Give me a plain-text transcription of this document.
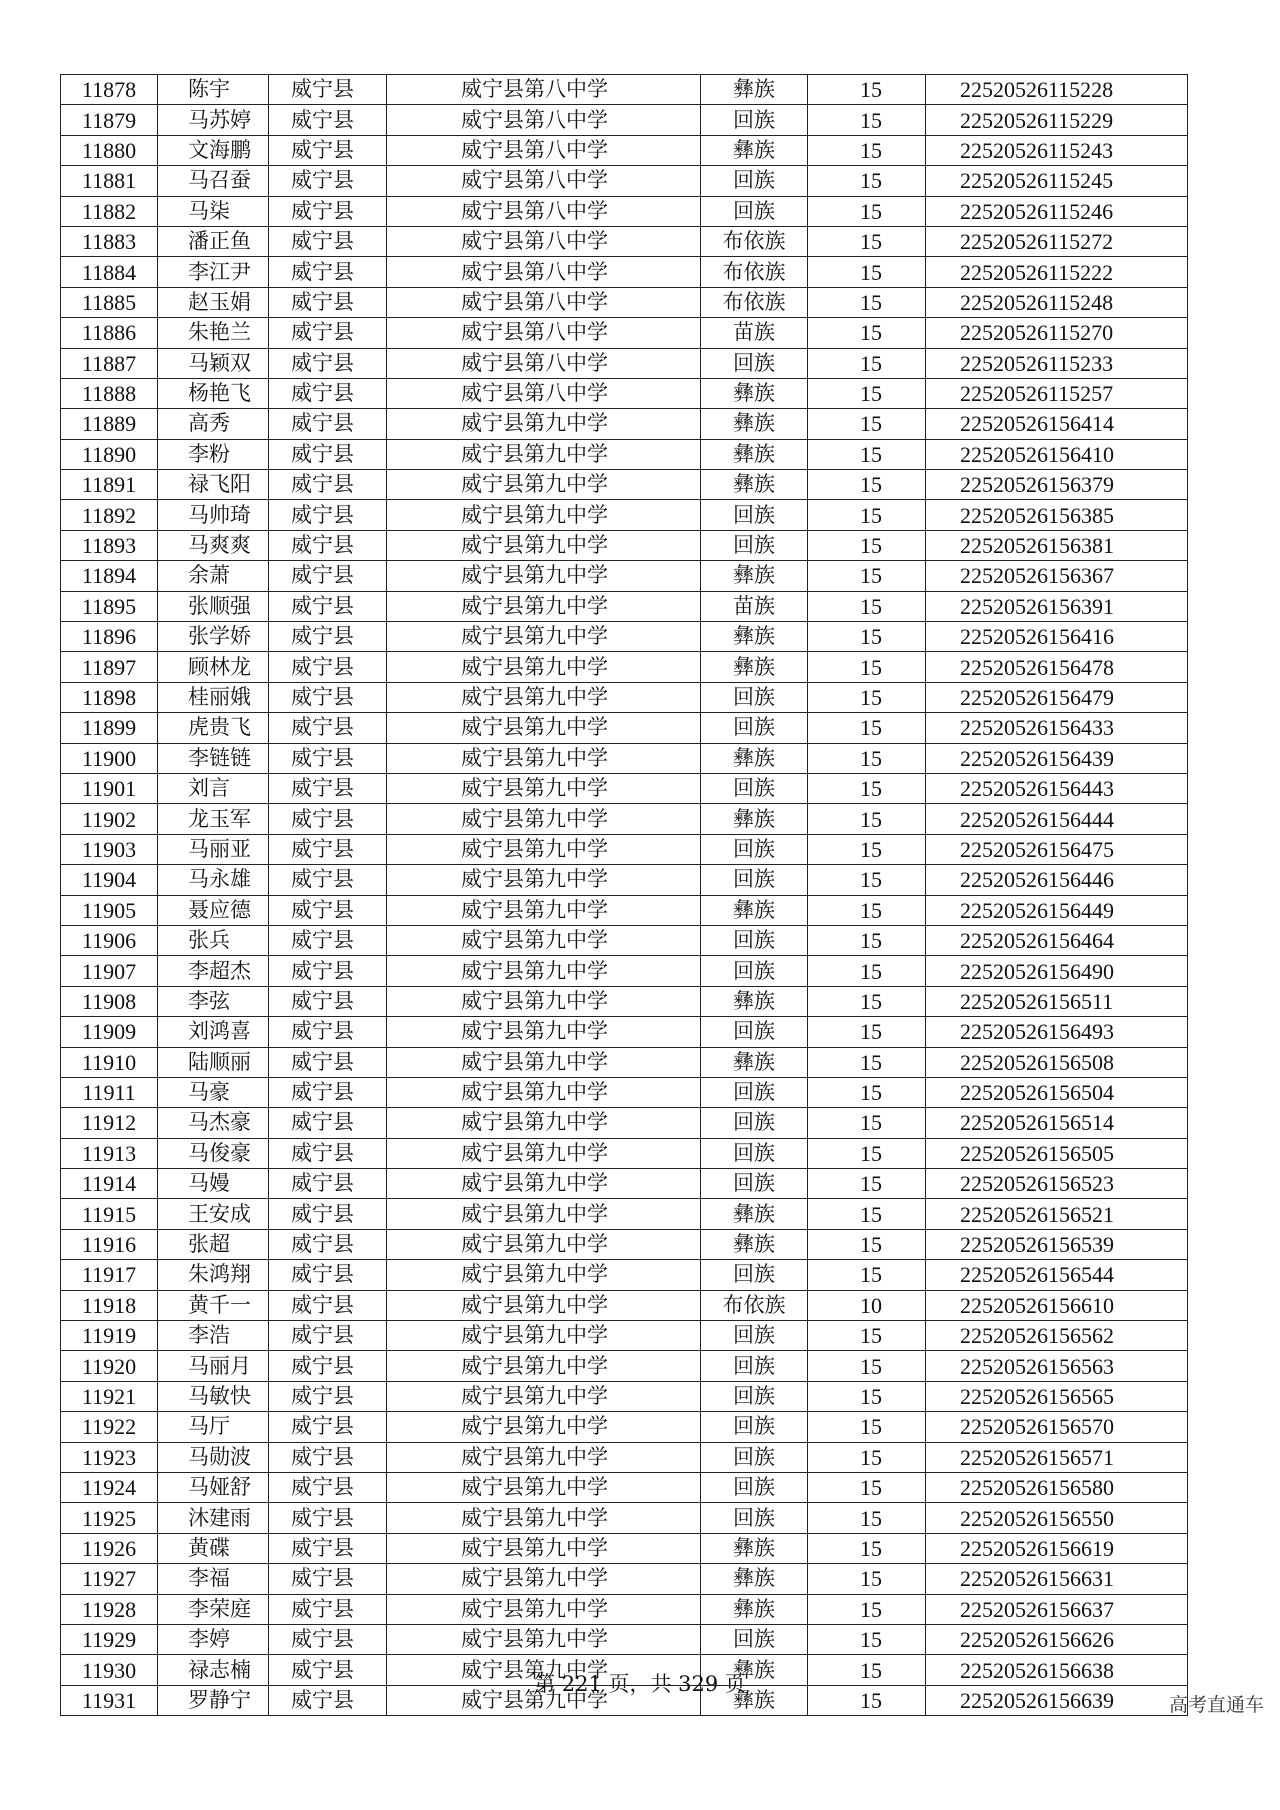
11878	陈宇	威宁县	威宁县第八中学	彝族	15	22520526115228
11879	马苏婷	威宁县	威宁县第八中学	回族	15	22520526115229
11880	文海鹏	威宁县	威宁县第八中学	彝族	15	22520526115243
11881	马召蚕	威宁县	威宁县第八中学	回族	15	22520526115245
11882	马柒	威宁县	威宁县第八中学	回族	15	22520526115246
11883	潘正鱼	威宁县	威宁县第八中学	布依族	15	22520526115272
11884	李江尹	威宁县	威宁县第八中学	布依族	15	22520526115222
11885	赵玉娟	威宁县	威宁县第八中学	布依族	15	22520526115248
11886	朱艳兰	威宁县	威宁县第八中学	苗族	15	22520526115270
11887	马颖双	威宁县	威宁县第八中学	回族	15	22520526115233
11888	杨艳飞	威宁县	威宁县第八中学	彝族	15	22520526115257
11889	高秀	威宁县	威宁县第九中学	彝族	15	22520526156414
11890	李粉	威宁县	威宁县第九中学	彝族	15	22520526156410
11891	禄飞阳	威宁县	威宁县第九中学	彝族	15	22520526156379
11892	马帅琦	威宁县	威宁县第九中学	回族	15	22520526156385
11893	马爽爽	威宁县	威宁县第九中学	回族	15	22520526156381
11894	余萧	威宁县	威宁县第九中学	彝族	15	22520526156367
11895	张顺强	威宁县	威宁县第九中学	苗族	15	22520526156391
11896	张学娇	威宁县	威宁县第九中学	彝族	15	22520526156416
11897	顾林龙	威宁县	威宁县第九中学	彝族	15	22520526156478
11898	桂丽娥	威宁县	威宁县第九中学	回族	15	22520526156479
11899	虎贵飞	威宁县	威宁县第九中学	回族	15	22520526156433
11900	李链链	威宁县	威宁县第九中学	彝族	15	22520526156439
11901	刘言	威宁县	威宁县第九中学	回族	15	22520526156443
11902	龙玉军	威宁县	威宁县第九中学	彝族	15	22520526156444
11903	马丽亚	威宁县	威宁县第九中学	回族	15	22520526156475
11904	马永雄	威宁县	威宁县第九中学	回族	15	22520526156446
11905	聂应德	威宁县	威宁县第九中学	彝族	15	22520526156449
11906	张兵	威宁县	威宁县第九中学	回族	15	22520526156464
11907	李超杰	威宁县	威宁县第九中学	回族	15	22520526156490
11908	李弦	威宁县	威宁县第九中学	彝族	15	22520526156511
11909	刘鸿喜	威宁县	威宁县第九中学	回族	15	22520526156493
11910	陆顺丽	威宁县	威宁县第九中学	彝族	15	22520526156508
11911	马豪	威宁县	威宁县第九中学	回族	15	22520526156504
11912	马杰豪	威宁县	威宁县第九中学	回族	15	22520526156514
11913	马俊豪	威宁县	威宁县第九中学	回族	15	22520526156505
11914	马嫚	威宁县	威宁县第九中学	回族	15	22520526156523
11915	王安成	威宁县	威宁县第九中学	彝族	15	22520526156521
11916	张超	威宁县	威宁县第九中学	彝族	15	22520526156539
11917	朱鸿翔	威宁县	威宁县第九中学	回族	15	22520526156544
11918	黄千一	威宁县	威宁县第九中学	布依族	10	22520526156610
11919	李浩	威宁县	威宁县第九中学	回族	15	22520526156562
11920	马丽月	威宁县	威宁县第九中学	回族	15	22520526156563
11921	马敏快	威宁县	威宁县第九中学	回族	15	22520526156565
11922	马厅	威宁县	威宁县第九中学	回族	15	22520526156570
11923	马勋波	威宁县	威宁县第九中学	回族	15	22520526156571
11924	马娅舒	威宁县	威宁县第九中学	回族	15	22520526156580
11925	沐建雨	威宁县	威宁县第九中学	回族	15	22520526156550
11926	黄碟	威宁县	威宁县第九中学	彝族	15	22520526156619
11927	李福	威宁县	威宁县第九中学	彝族	15	22520526156631
11928	李荣庭	威宁县	威宁县第九中学	彝族	15	22520526156637
11929	李婷	威宁县	威宁县第九中学	回族	15	22520526156626
11930	禄志楠	威宁县	威宁县第九中学	彝族	15	22520526156638
11931	罗静宁	威宁县	威宁县第九中学	彝族	15	22520526156639
第 221 页，共 329 页
高考直通车
